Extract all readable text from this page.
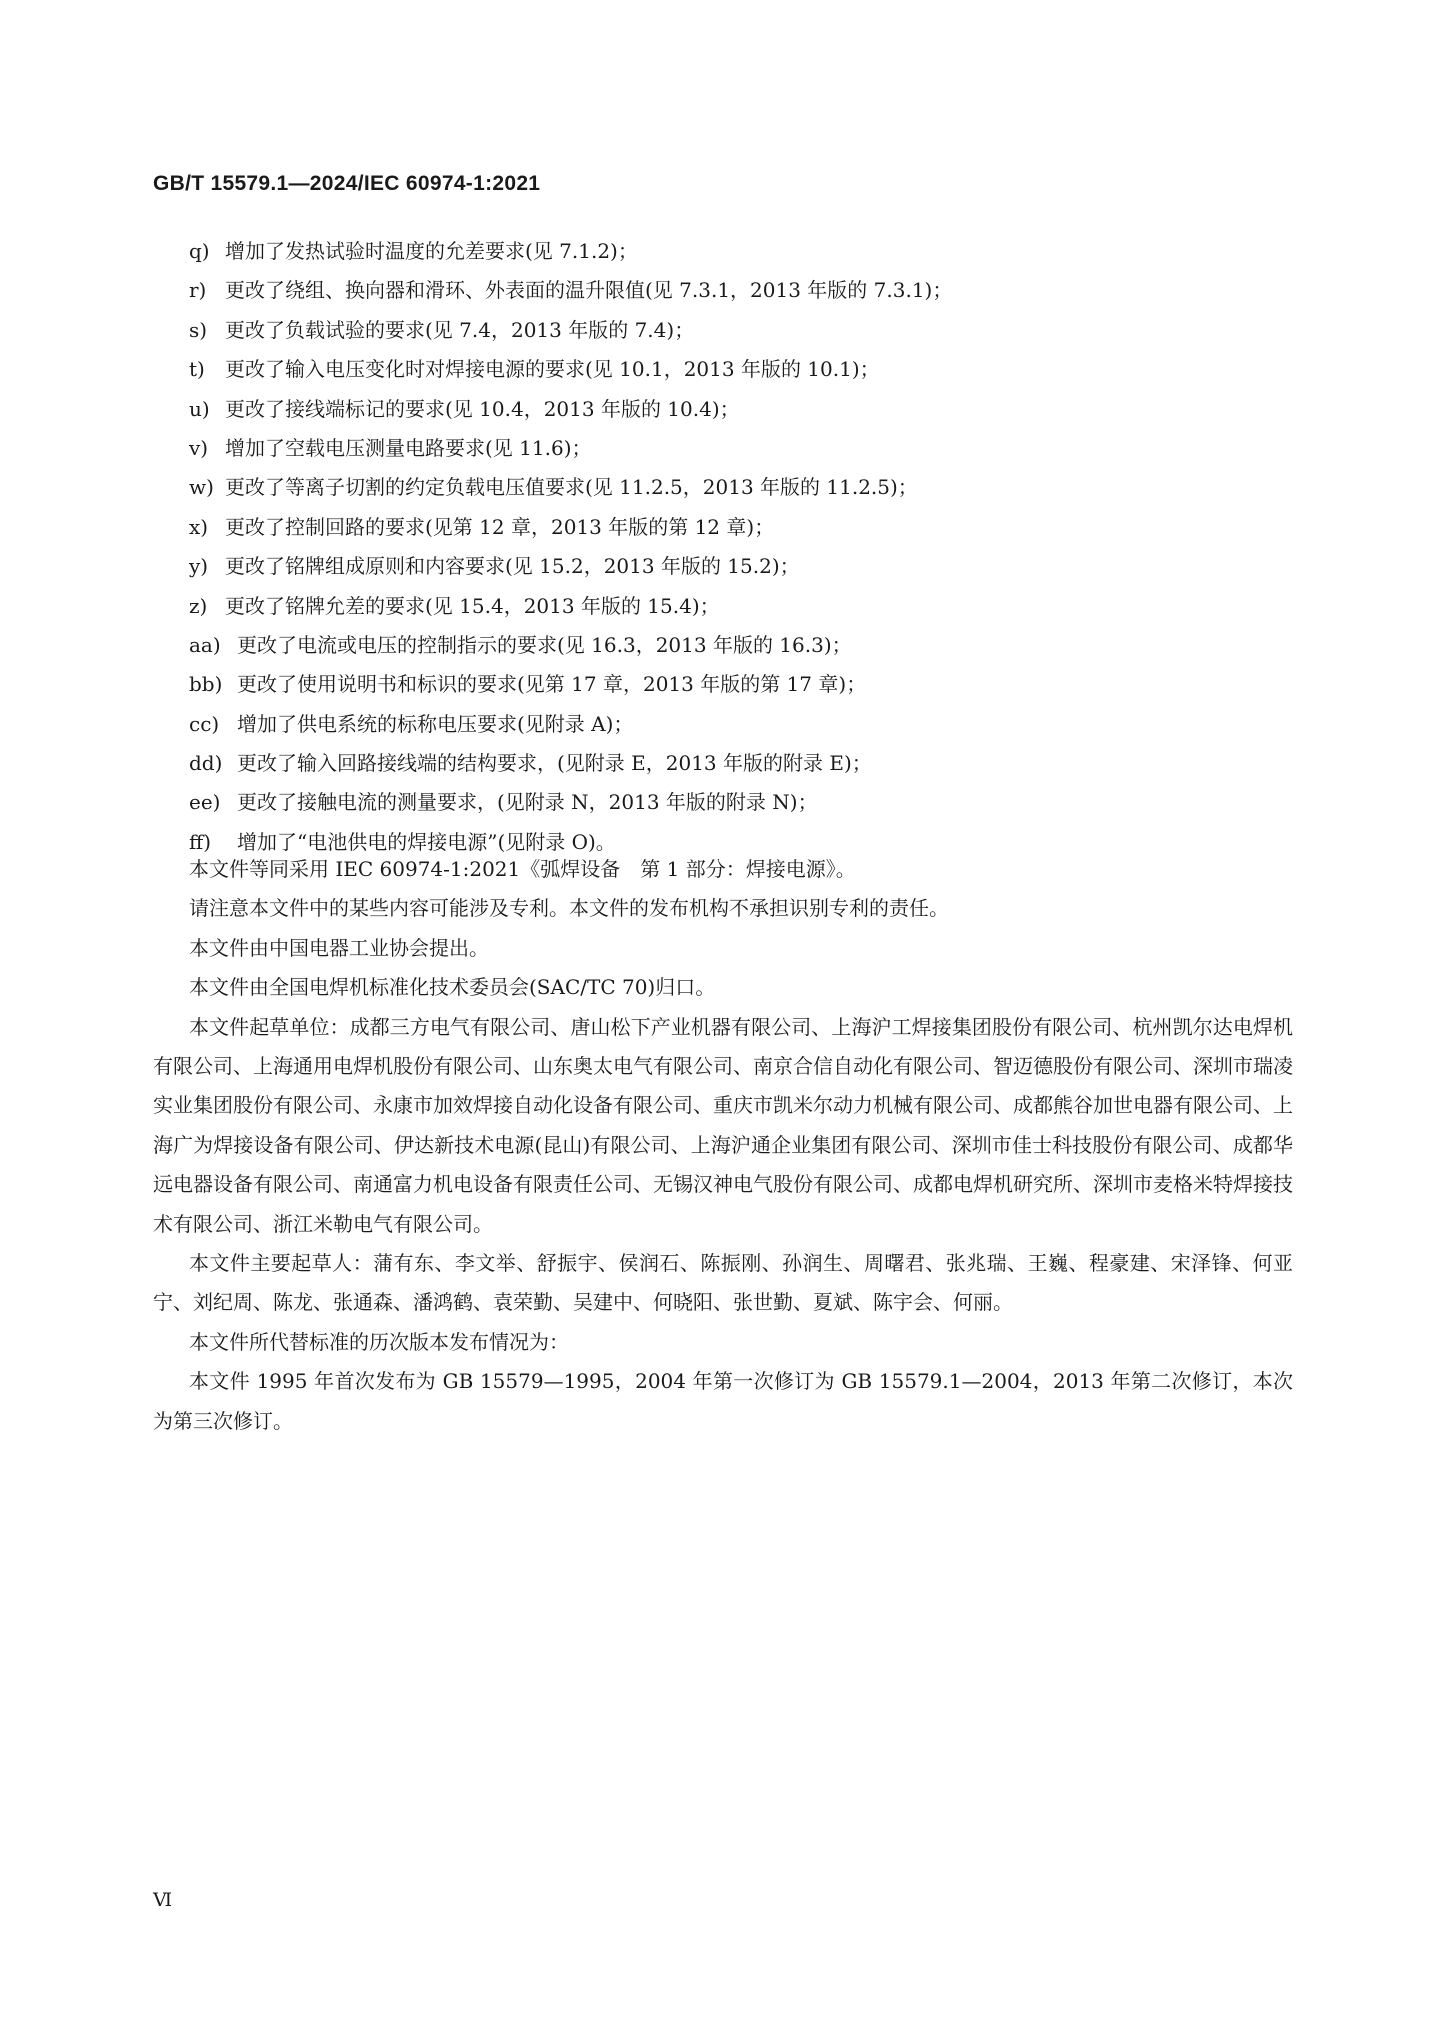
GB/T 15579.1—2024/IEC 60974-1:2021
q) 增加了发热试验时温度的允差要求(见 7.1.2)；
r) 更改了绕组、换向器和滑环、外表面的温升限值(见 7.3.1，2013 年版的 7.3.1)；
s) 更改了负载试验的要求(见 7.4，2013 年版的 7.4)；
t)	更改了输入电压变化时对焊接电源的要求(见 10.1，2013 年版的 10.1)；
u) 更改了接线端标记的要求(见 10.4，2013 年版的 10.4)；
v) 增加了空载电压测量电路要求(见 11.6)；
w) 更改了等离子切割的约定负载电压值要求(见 11.2.5，2013 年版的 11.2.5)；
x) 更改了控制回路的要求(见第 12 章，2013 年版的第 12 章)；
y) 更改了铭牌组成原则和内容要求(见 15.2，2013 年版的 15.2)；
z) 更改了铭牌允差的要求(见 15.4，2013 年版的 15.4)；
aa) 更改了电流或电压的控制指示的要求(见 16.3，2013 年版的 16.3)；
bb) 更改了使用说明书和标识的要求(见第 17 章，2013 年版的第 17 章)；
cc) 增加了供电系统的标称电压要求(见附录 A)；
dd) 更改了输入回路接线端的结构要求，(见附录 E，2013 年版的附录 E)；
ee) 更改了接触电流的测量要求，(见附录 N，2013 年版的附录 N)；
ff)	增加了“电池供电的焊接电源”(见附录 O)。

本文件等同采用 IEC 60974-1:2021《弧焊设备　第 1 部分：焊接电源》。

请注意本文件中的某些内容可能涉及专利。本文件的发布机构不承担识别专利的责任。

本文件由中国电器工业协会提出。

本文件由全国电焊机标准化技术委员会(SAC/TC 70)归口。

本文件起草单位：成都三方电气有限公司、唐山松下产业机器有限公司、上海沪工焊接集团股份有限公司、杭州凯尔达电焊机有限公司、上海通用电焊机股份有限公司、山东奥太电气有限公司、南京合信自动化有限公司、智迈德股份有限公司、深圳市瑞凌实业集团股份有限公司、永康市加效焊接自动化设备有限公司、重庆市凯米尔动力机械有限公司、成都熊谷加世电器有限公司、上海广为焊接设备有限公司、伊达新技术电源(昆山)有限公司、上海沪通企业集团有限公司、深圳市佳士科技股份有限公司、成都华远电器设备有限公司、南通富力机电设备有限责任公司、无锡汉神电气股份有限公司、成都电焊机研究所、深圳市麦格米特焊接技术有限公司、浙江米勒电气有限公司。

本文件主要起草人：蒲有东、李文举、舒振宇、侯润石、陈振刚、孙润生、周曙君、张兆瑞、王巍、程豪建、宋泽锋、何亚宁、刘纪周、陈龙、张通森、潘鸿鹤、袁荣勤、吴建中、何晓阳、张世勤、夏斌、陈宇会、何丽。

本文件所代替标准的历次版本发布情况为：

本文件 1995 年首次发布为 GB 15579—1995，2004 年第一次修订为 GB 15579.1—2004，2013 年第二次修订，本次为第三次修订。

Ⅵ
